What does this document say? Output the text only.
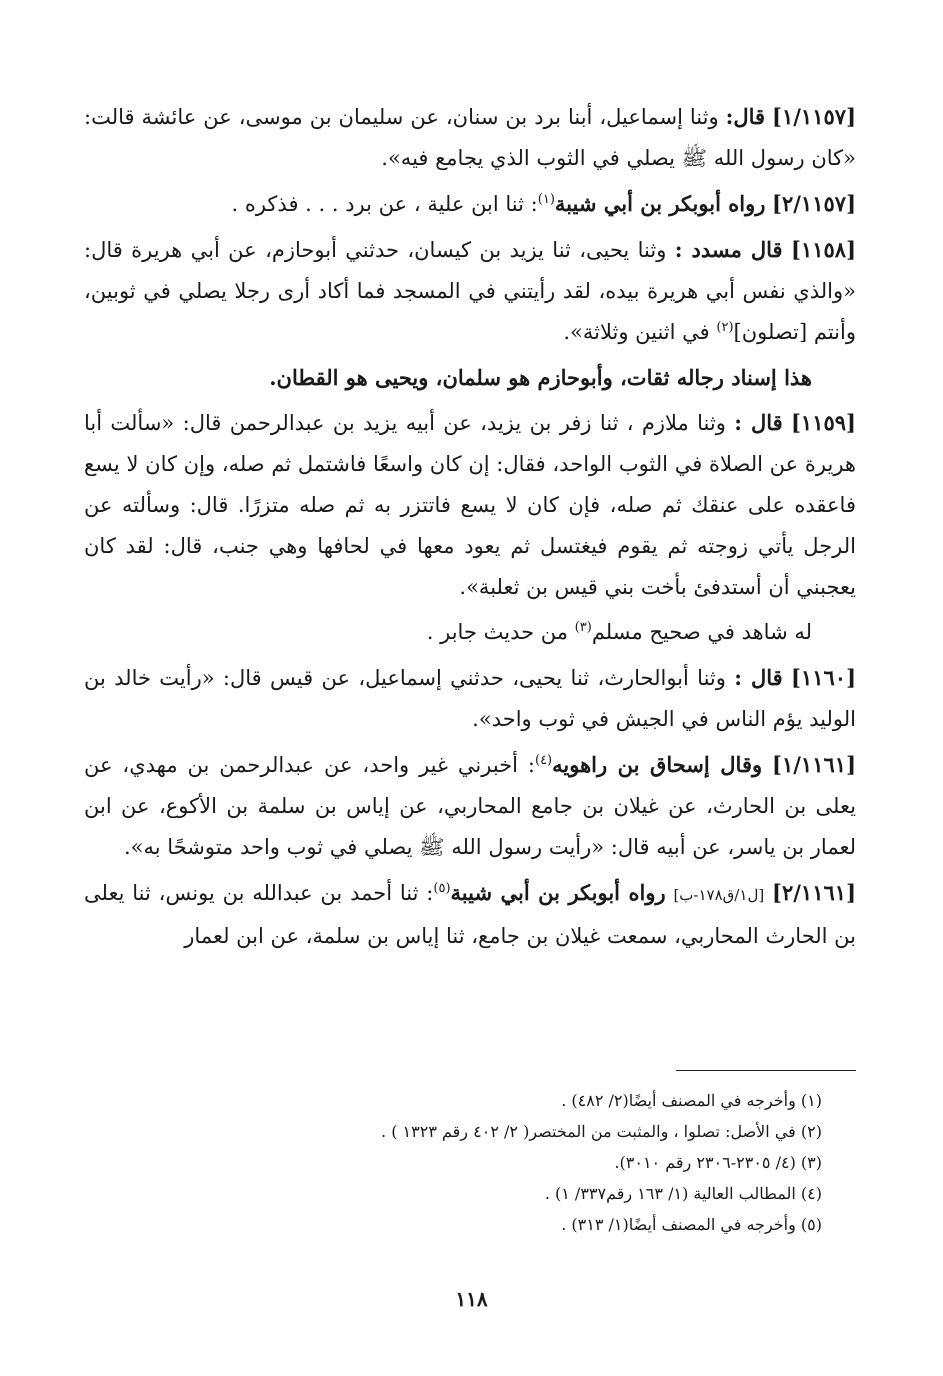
[١/١١٥٧] قال: وثنا إسماعيل، أبنا برد بن سنان، عن سليمان بن موسى، عن عائشة قالت: «كان رسول الله ﷺ يصلي في الثوب الذي يجامع فيه».

[٢/١١٥٧] رواه أبوبكر بن أبي شيبة$^{(١)}$: ثنا ابن علية ، عن برد . . . فذكره .

[١١٥٨] قال مسدد : وثنا يحيى، ثنا يزيد بن كيسان، حدثني أبوحازم، عن أبي هريرة قال: «والذي نفس أبي هريرة بيده، لقد رأيتني في المسجد فما أكاد أرى رجلا يصلي في ثوبين، وأنتم [تصلون]$^{(٢)}$ في اثنين وثلاثة».

هذا إسناد رجاله ثقات، وأبوحازم هو سلمان، ويحيى هو القطان.

[١١٥٩] قال : وثنا ملازم ، ثنا زفر بن يزيد، عن أبيه يزيد بن عبدالرحمن قال: «سألت أبا هريرة عن الصلاة في الثوب الواحد، فقال: إن كان واسعًا فاشتمل ثم صله، وإن كان لا يسع فاعقده على عنقك ثم صله، فإن كان لا يسع فاتتزر به ثم صله متزرًا. قال: وسألته عن الرجل يأتي زوجته ثم يقوم فيغتسل ثم يعود معها في لحافها وهي جنب، قال: لقد كان يعجبني أن أستدفئ بأخت بني قيس بن ثعلبة».

له شاهد في صحيح مسلم$^{(٣)}$ من حديث جابر .

[١١٦٠] قال : وثنا أبوالحارث، ثنا يحيى، حدثني إسماعيل، عن قيس قال: «رأيت خالد بن الوليد يؤم الناس في الجيش في ثوب واحد».

[١/١١٦١] وقال إسحاق بن راهويه$^{(٤)}$: أخبرني غير واحد، عن عبدالرحمن بن مهدي، عن يعلى بن الحارث، عن غيلان بن جامع المحاربي، عن إياس بن سلمة بن الأكوع، عن ابن لعمار بن ياسر، عن أبيه قال: «رأيت رسول الله ﷺ يصلي في ثوب واحد متوشحًا به».

[٢/١١٦١] [ل١/ق١٧٨-ب] رواه أبوبكر بن أبي شيبة$^{(٥)}$: ثنا أحمد بن عبدالله بن يونس، ثنا يعلى بن الحارث المحاربي، سمعت غيلان بن جامع، ثنا إياس بن سلمة، عن ابن لعمار

(١) وأخرجه في المصنف أيضًا(٢/ ٤٨٢) .

(٢) في الأصل: تصلوا ، والمثبت من المختصر( ٢/ ٤٠٢ رقم ١٣٢٣ ) .

(٣) (٤/ ٢٣٠٥-٢٣٠٦ رقم ٣٠١٠).

(٤) المطالب العالية (١/ ١٦٣ رقم٣٣٧/ ١) .

(٥) وأخرجه في المصنف أيضًا(١/ ٣١٣) .

١١٨
